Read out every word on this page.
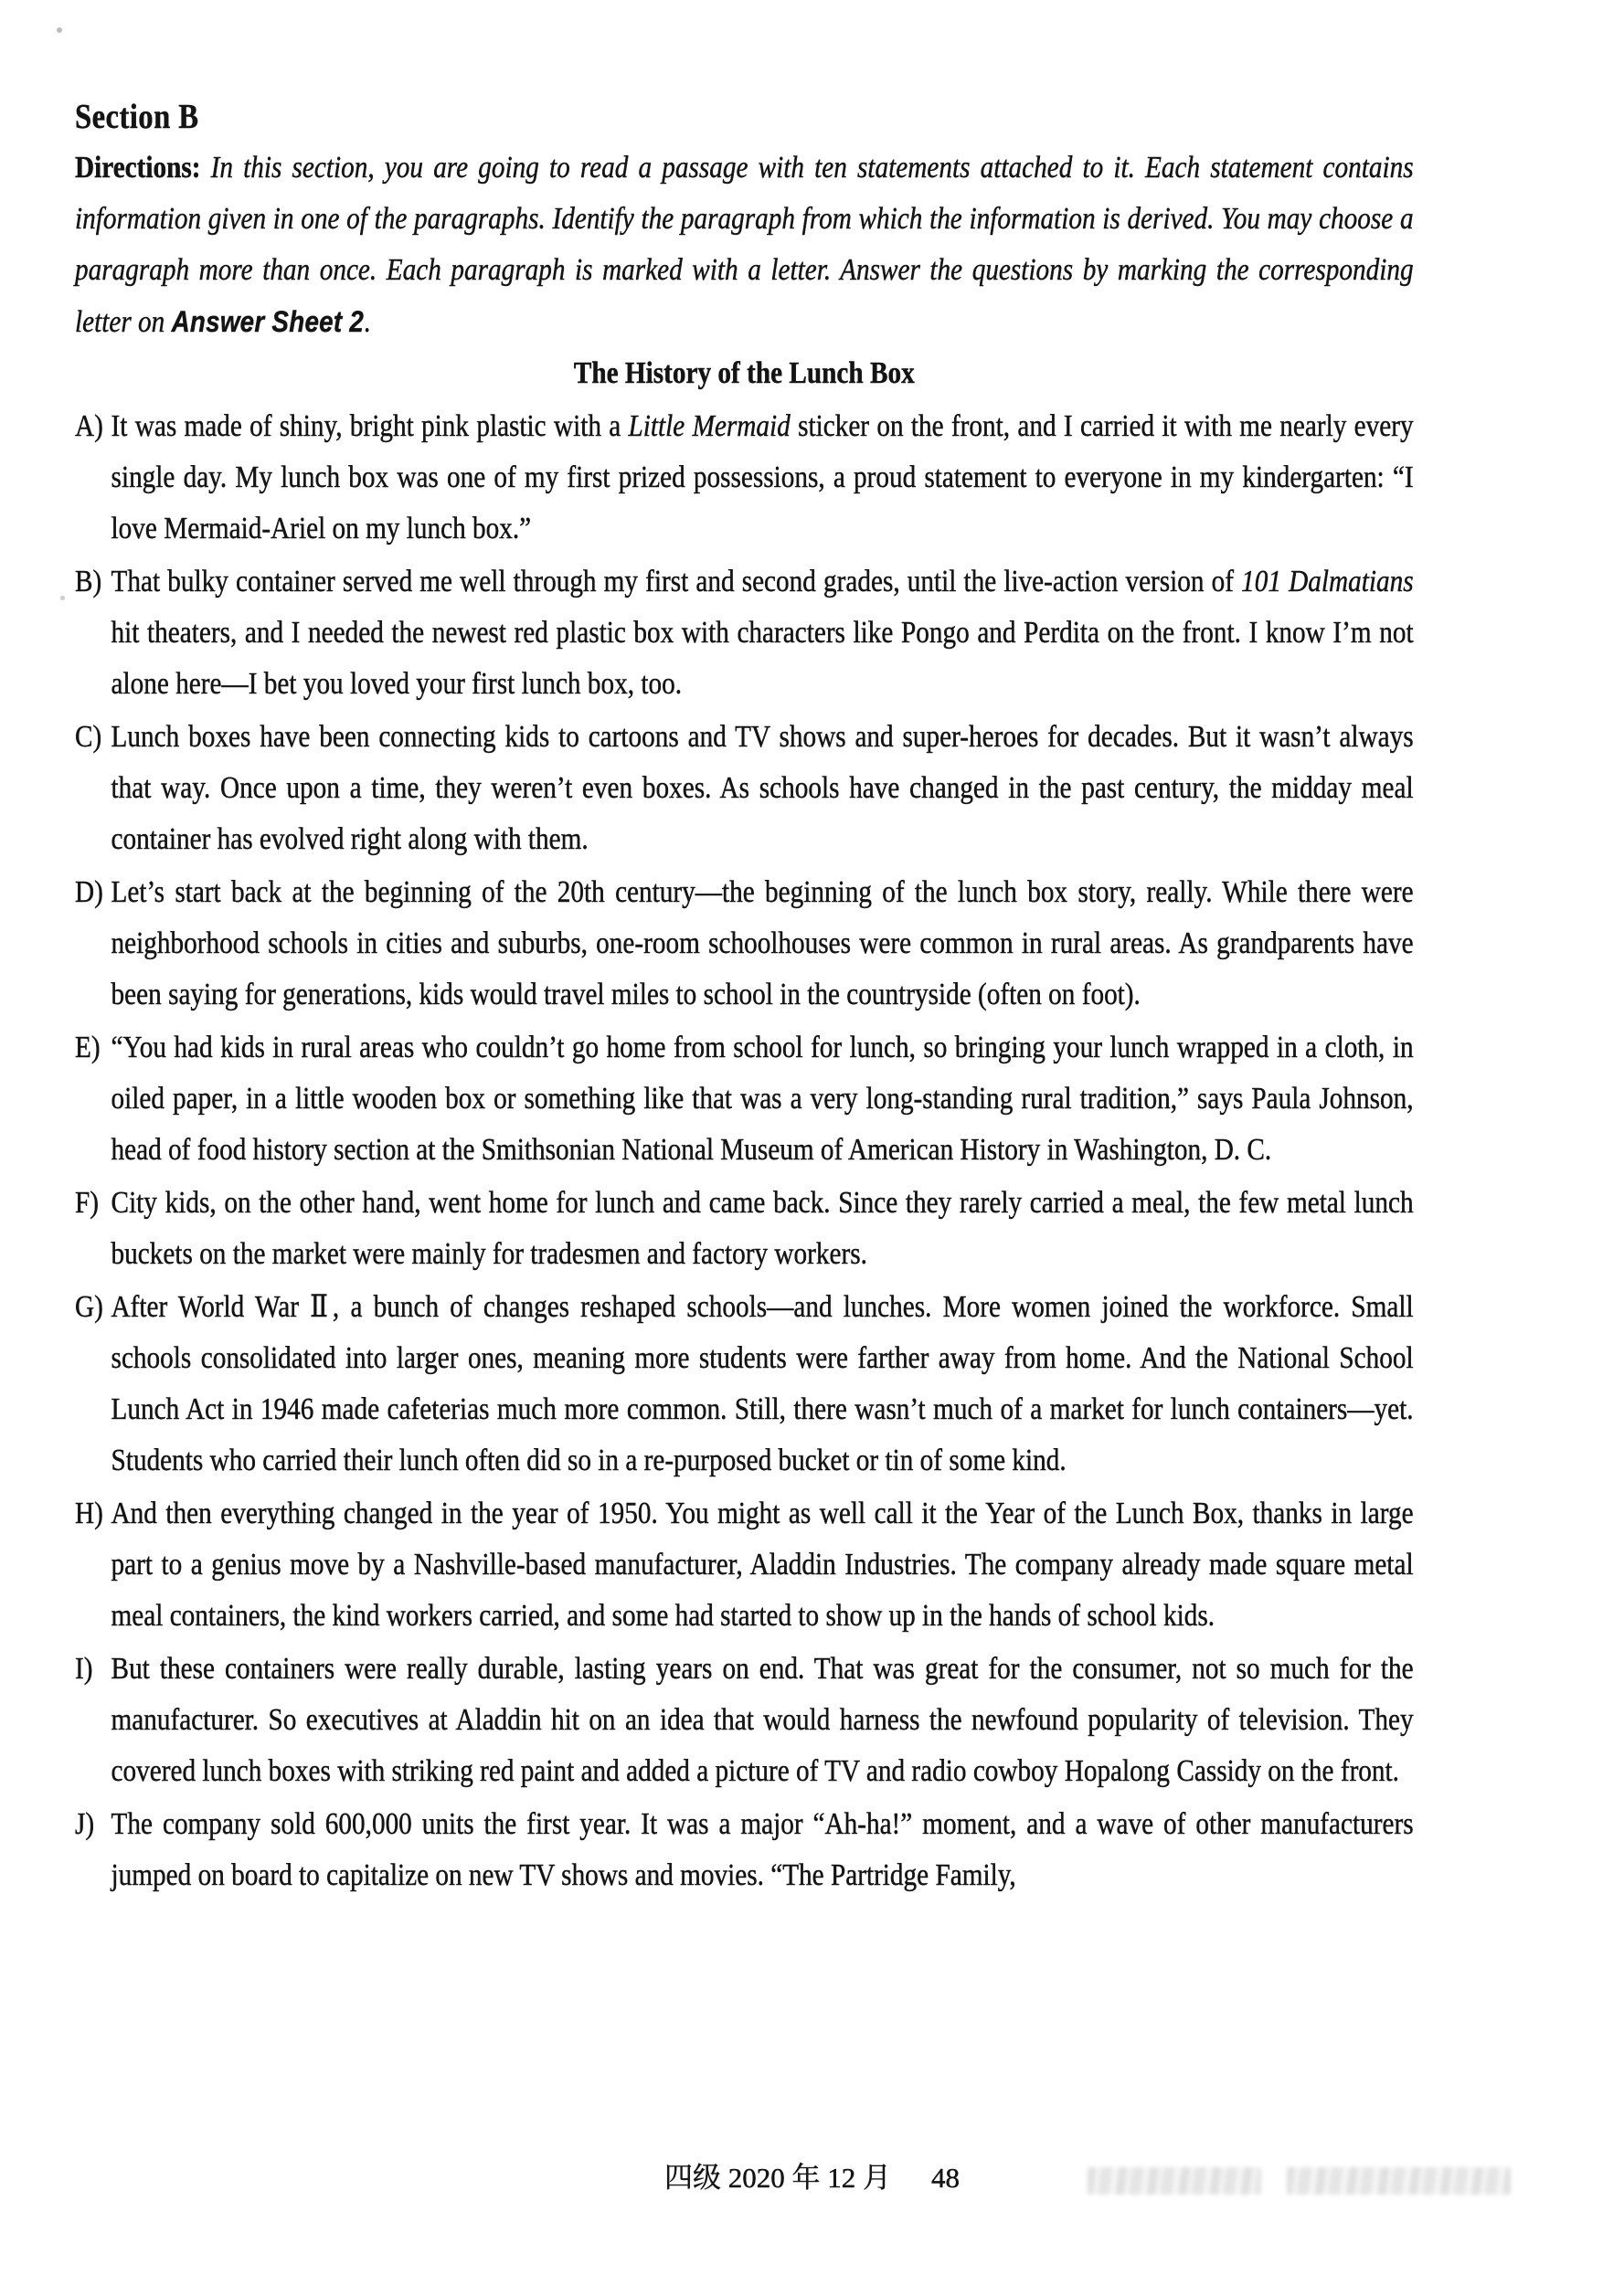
Section B

Directions: In this section, you are going to read a passage with ten statements attached to it. Each statement contains information given in one of the paragraphs. Identify the paragraph from which the information is derived. You may choose a paragraph more than once. Each paragraph is marked with a letter. Answer the questions by marking the corresponding letter on Answer Sheet 2.

The History of the Lunch Box
A) It was made of shiny, bright pink plastic with a Little Mermaid sticker on the front, and I carried it with me nearly every single day. My lunch box was one of my first prized possessions, a proud statement to everyone in my kindergarten: “I love Mermaid-Ariel on my lunch box.”
B) That bulky container served me well through my first and second grades, until the live-action version of 101 Dalmatians hit theaters, and I needed the newest red plastic box with characters like Pongo and Perdita on the front. I know I’m not alone here—I bet you loved your first lunch box, too.
C) Lunch boxes have been connecting kids to cartoons and TV shows and super-heroes for decades. But it wasn’t always that way. Once upon a time, they weren’t even boxes. As schools have changed in the past century, the midday meal container has evolved right along with them.
D) Let’s start back at the beginning of the 20th century—the beginning of the lunch box story, really. While there were neighborhood schools in cities and suburbs, one-room schoolhouses were common in rural areas. As grandparents have been saying for generations, kids would travel miles to school in the countryside (often on foot).
E) “You had kids in rural areas who couldn’t go home from school for lunch, so bringing your lunch wrapped in a cloth, in oiled paper, in a little wooden box or something like that was a very long-standing rural tradition,” says Paula Johnson, head of food history section at the Smithsonian National Museum of American History in Washington, D. C.
F) City kids, on the other hand, went home for lunch and came back. Since they rarely carried a meal, the few metal lunch buckets on the market were mainly for tradesmen and factory workers.
G) After World War Ⅱ, a bunch of changes reshaped schools—and lunches. More women joined the workforce. Small schools consolidated into larger ones, meaning more students were farther away from home. And the National School Lunch Act in 1946 made cafeterias much more common. Still, there wasn’t much of a market for lunch containers—yet. Students who carried their lunch often did so in a re-purposed bucket or tin of some kind.
H) And then everything changed in the year of 1950. You might as well call it the Year of the Lunch Box, thanks in large part to a genius move by a Nashville-based manufacturer, Aladdin Industries. The company already made square metal meal containers, the kind workers carried, and some had started to show up in the hands of school kids.
I) But these containers were really durable, lasting years on end. That was great for the consumer, not so much for the manufacturer. So executives at Aladdin hit on an idea that would harness the newfound popularity of television. They covered lunch boxes with striking red paint and added a picture of TV and radio cowboy Hopalong Cassidy on the front.
J) The company sold 600,000 units the first year. It was a major “Ah-ha!” moment, and a wave of other manufacturers jumped on board to capitalize on new TV shows and movies. “The Partridge Family,
四级 2020 年 12 月 48
